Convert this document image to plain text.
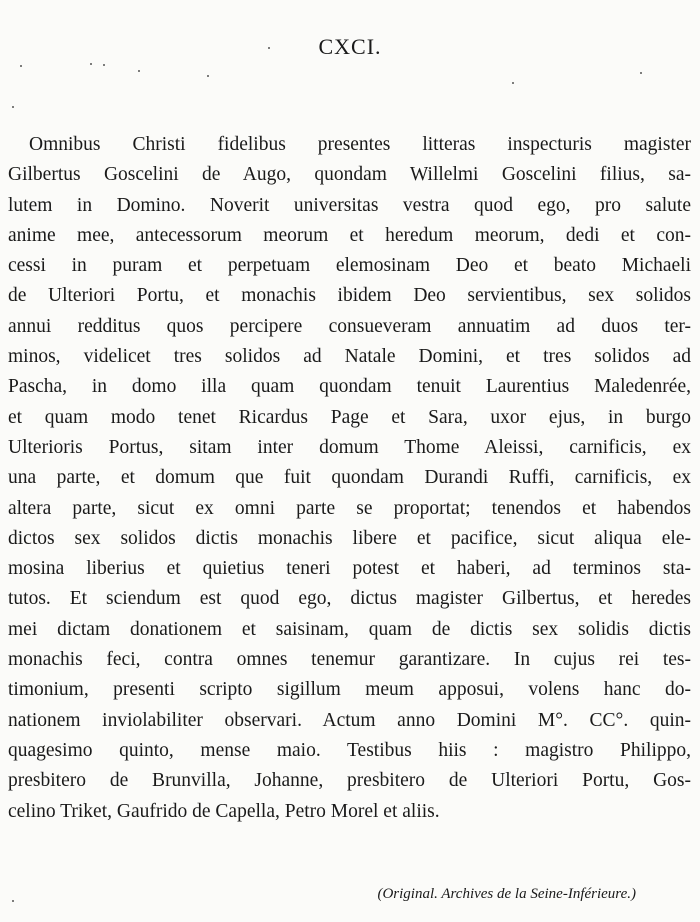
CXCI.
Omnibus Christi fidelibus presentes litteras inspecturis magister
Gilbertus Goscelini de Augo, quondam Willelmi Goscelini filius, sa-
lutem in Domino. Noverit universitas vestra quod ego, pro salute
anime mee, antecessorum meorum et heredum meorum, dedi et con-
cessi in puram et perpetuam elemosinam Deo et beato Michaeli
de Ulteriori Portu, et monachis ibidem Deo servientibus, sex solidos
annui redditus quos percipere consueveram annuatim ad duos ter-
minos, videlicet tres solidos ad Natale Domini, et tres solidos ad
Pascha, in domo illa quam quondam tenuit Laurentius Maledenrée,
et quam modo tenet Ricardus Page et Sara, uxor ejus, in burgo
Ulterioris Portus, sitam inter domum Thome Aleissi, carnificis, ex
una parte, et domum que fuit quondam Durandi Ruffi, carnificis, ex
altera parte, sicut ex omni parte se proportat; tenendos et habendos
dictos sex solidos dictis monachis libere et pacifice, sicut aliqua ele-
mosina liberius et quietius teneri potest et haberi, ad terminos sta-
tutos. Et sciendum est quod ego, dictus magister Gilbertus, et heredes
mei dictam donationem et saisinam, quam de dictis sex solidis dictis
monachis feci, contra omnes tenemur garantizare. In cujus rei tes-
timonium, presenti scripto sigillum meum apposui, volens hanc do-
nationem inviolabiliter observari. Actum anno Domini M°. CC°. quin-
quagesimo quinto, mense maio. Testibus hiis : magistro Philippo,
presbitero de Brunvilla, Johanne, presbitero de Ulteriori Portu, Gos-
celino Triket, Gaufrido de Capella, Petro Morel et aliis.
(Original. Archives de la Seine-Inférieure.)
